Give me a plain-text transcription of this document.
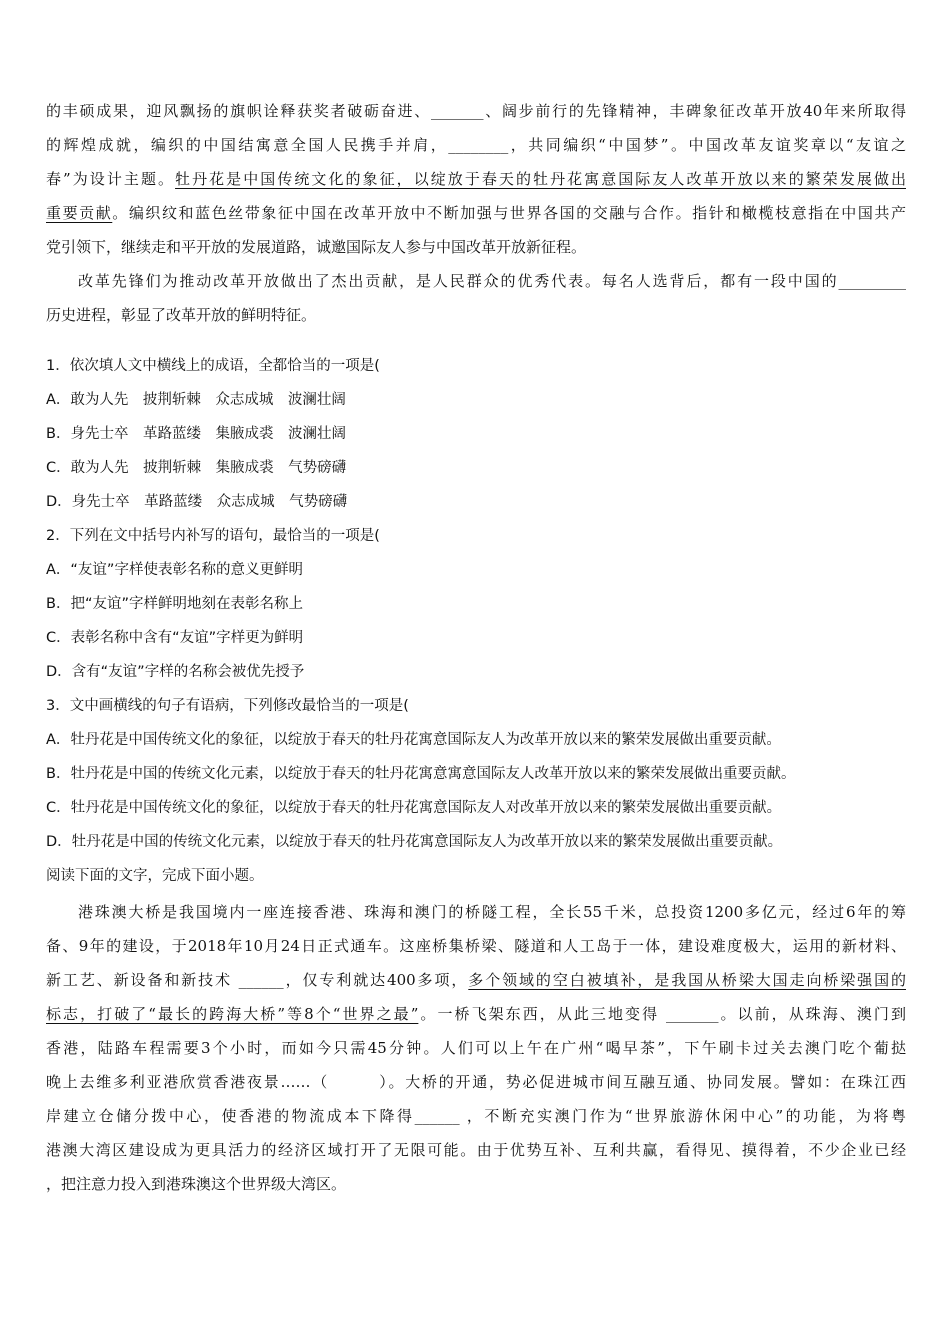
的丰硕成果，迎风飘扬的旗帜诠释获奖者破砺奋进、_______、阔步前行的先锋精神，丰碑象征改革开放40年来所取得
的辉煌成就，编织的中国结寓意全国人民携手并肩，________，共同编织“中国梦”。中国改革友谊奖章以“友谊之
春”为设计主题。牡丹花是中国传统文化的象征，以绽放于春天的牡丹花寓意国际友人改革开放以来的繁荣发展做出
重要贡献。编织纹和蓝色丝带象征中国在改革开放中不断加强与世界各国的交融与合作。指针和橄榄枝意指在中国共产
党引领下，继续走和平开放的发展道路，诚邀国际友人参与中国改革开放新征程。
改革先锋们为推动改革开放做出了杰出贡献，是人民群众的优秀代表。每名人选背后，都有一段中国的_________
历史进程，彰显了改革开放的鲜明特征。
1．依次填人文中横线上的成语，全都恰当的一项是(
A．敢为人先　披荆斩棘　众志成城　波澜壮阔
B．身先士卒　革路蓝缕　集腋成裘　波澜壮阔
C．敢为人先　披荆斩棘　集腋成裘　气势磅礴
D．身先士卒　革路蓝缕　众志成城　气势磅礴
2．下列在文中括号内补写的语句，最恰当的一项是(
A．“友谊”字样使表彰名称的意义更鲜明
B．把“友谊”字样鲜明地刻在表彰名称上
C．表彰名称中含有“友谊”字样更为鲜明
D．含有“友谊”字样的名称会被优先授予
3．文中画横线的句子有语病，下列修改最恰当的一项是(
A．牡丹花是中国传统文化的象征，以绽放于春天的牡丹花寓意国际友人为改革开放以来的繁荣发展做出重要贡献。
B．牡丹花是中国的传统文化元素，以绽放于春天的牡丹花寓意寓意国际友人改革开放以来的繁荣发展做出重要贡献。
C．牡丹花是中国传统文化的象征，以绽放于春天的牡丹花寓意国际友人对改革开放以来的繁荣发展做出重要贡献。
D．牡丹花是中国的传统文化元素，以绽放于春天的牡丹花寓意国际友人为改革开放以来的繁荣发展做出重要贡献。
阅读下面的文字，完成下面小题。
港珠澳大桥是我国境内一座连接香港、珠海和澳门的桥隧工程，全长55千米，总投资1200多亿元，经过6年的筹
备、9年的建设，于2018年10月24日正式通车。这座桥集桥梁、隧道和人工岛于一体，建设难度极大，运用的新材料、
新工艺、新设备和新技术 ______，仅专利就达400多项，多个领域的空白被填补，是我国从桥梁大国走向桥梁强国的
标志，打破了“最长的跨海大桥”等8个“世界之最”。一桥飞架东西，从此三地变得 _______。以前，从珠海、澳门到
香港，陆路车程需要3个小时，而如今只需45分钟。人们可以上午在广州“喝早茶”，下午刷卡过关去澳门吃个葡挞
晚上去维多利亚港欣赏香港夜景……（　　　）。大桥的开通，势必促进城市间互融互通、协同发展。譬如：在珠江西
岸建立仓储分拨中心，使香港的物流成本下降得______ ，不断充实澳门作为“世界旅游休闲中心”的功能，为将粤
港澳大湾区建设成为更具活力的经济区域打开了无限可能。由于优势互补、互利共赢，看得见、摸得着，不少企业已经
，把注意力投入到港珠澳这个世界级大湾区。
